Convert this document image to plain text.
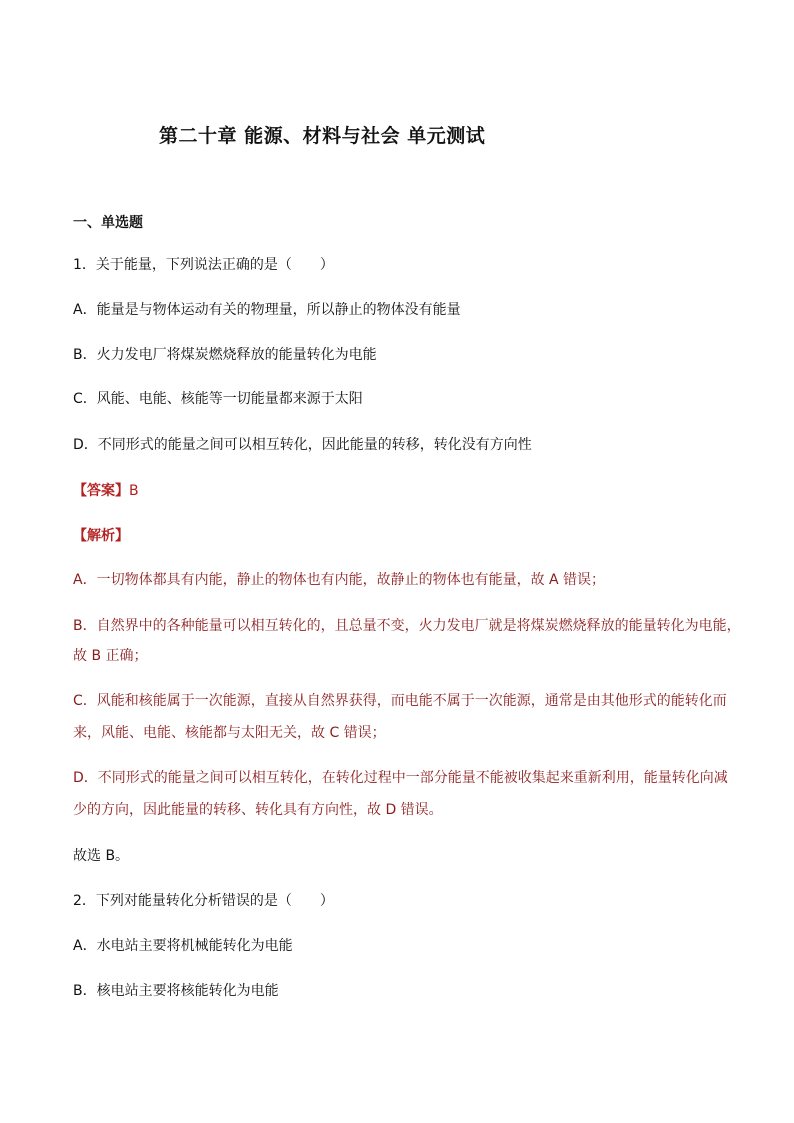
第二十章 能源、材料与社会 单元测试
一、单选题
1．关于能量，下列说法正确的是（　　）
A．能量是与物体运动有关的物理量，所以静止的物体没有能量
B．火力发电厂将煤炭燃烧释放的能量转化为电能
C．风能、电能、核能等一切能量都来源于太阳
D．不同形式的能量之间可以相互转化，因此能量的转移，转化没有方向性
【答案】B
【解析】
A．一切物体都具有内能，静止的物体也有内能，故静止的物体也有能量，故 A 错误；
B．自然界中的各种能量可以相互转化的，且总量不变，火力发电厂就是将煤炭燃烧释放的能量转化为电能，
故 B 正确；
C．风能和核能属于一次能源，直接从自然界获得，而电能不属于一次能源，通常是由其他形式的能转化而
来，风能、电能、核能都与太阳无关，故 C 错误；
D．不同形式的能量之间可以相互转化，在转化过程中一部分能量不能被收集起来重新利用，能量转化向减
少的方向，因此能量的转移、转化具有方向性，故 D 错误。
故选 B。
2．下列对能量转化分析错误的是（　　）
A．水电站主要将机械能转化为电能
B．核电站主要将核能转化为电能
